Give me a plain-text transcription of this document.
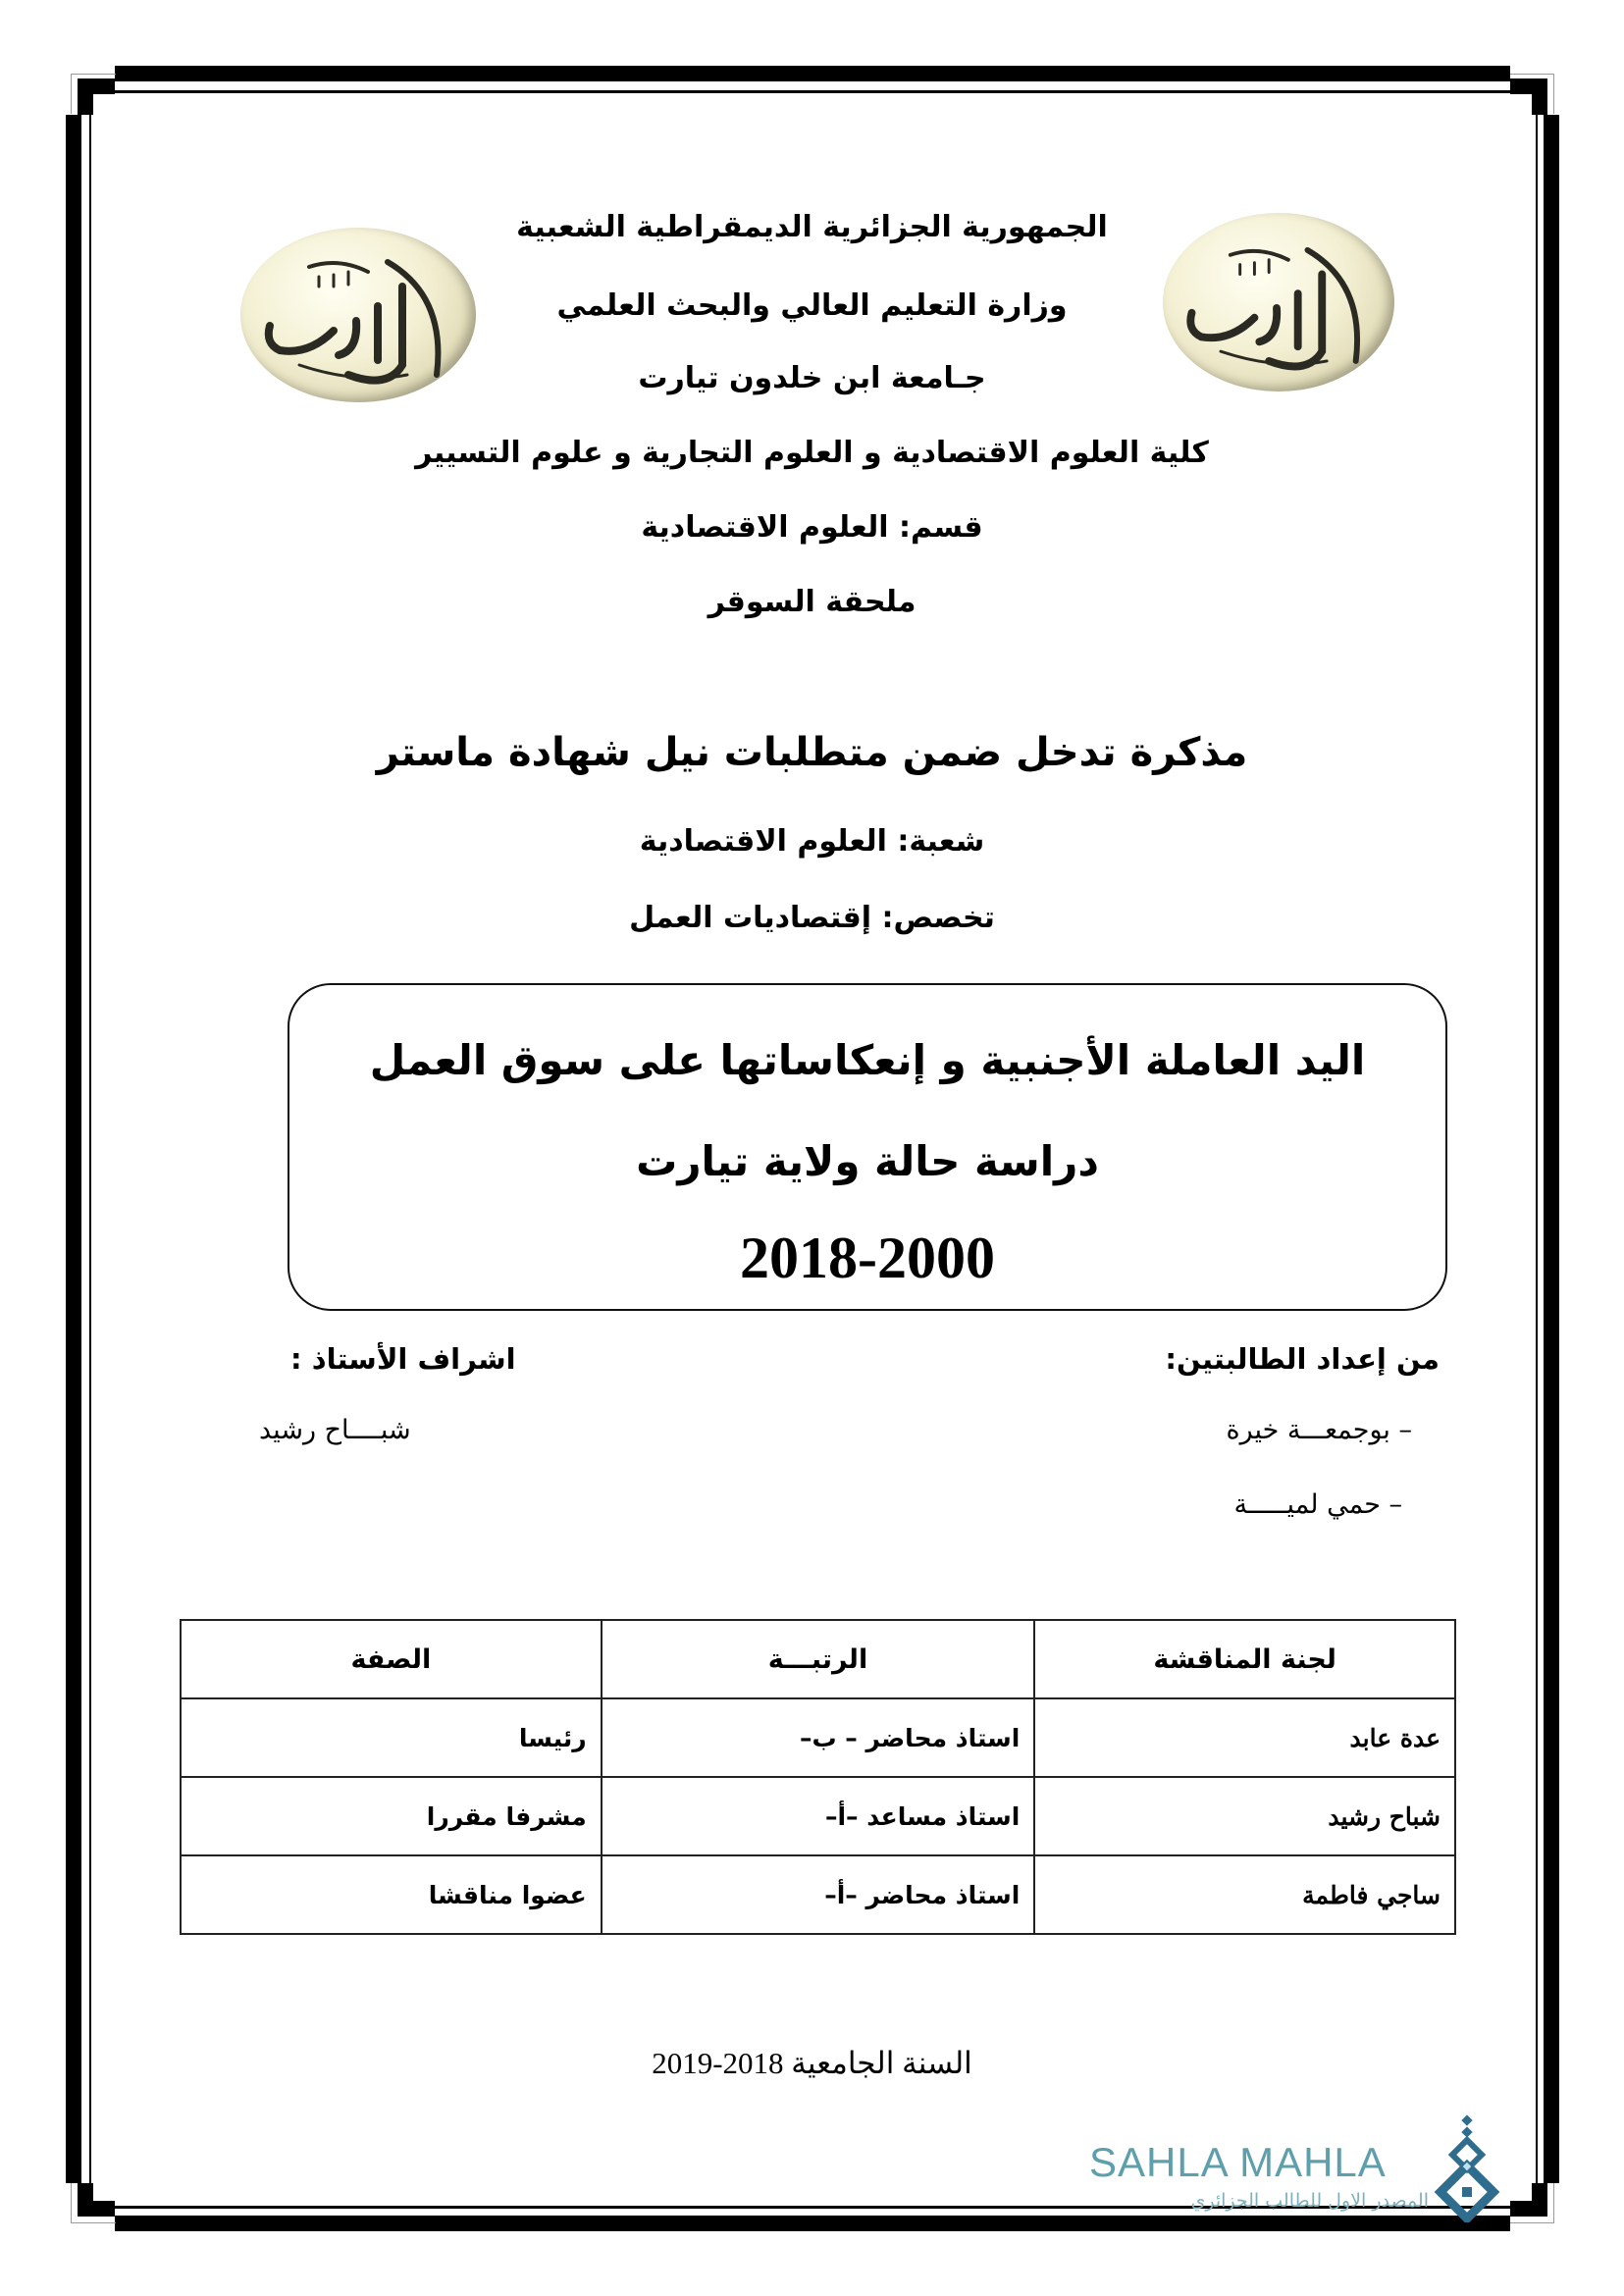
الجمهورية الجزائرية الديمقراطية الشعبية
وزارة التعليم العالي والبحث العلمي
جـامعة ابن خلدون تيارت
كلية العلوم الاقتصادية و العلوم التجارية و علوم التسيير
قسم: العلوم الاقتصادية
ملحقة السوقر
مذكرة تدخل ضمن متطلبات نيل شهادة ماستر
شعبة: العلوم الاقتصادية
تخصص: إقتصاديات العمل
اليد العاملة الأجنبية و إنعكاساتها على سوق العمل
دراسة حالة ولاية تيارت
2018-2000
من إعداد الطالبتين:
– بوجمعـــة خيرة
– حمي لميـــــة
اشراف الأستاذ :
شبــــاح رشيد
لجنة المناقشة	الرتبـــة	الصفة
عدة عابد	استاذ محاضر – ب–	رئيسا
شباح رشيد	استاذ مساعد –أ–	مشرفا مقررا
ساجي فاطمة	استاذ محاضر –أ–	عضوا مناقشا
السنة الجامعية 2018-2019
SAHLA MAHLA
المصدر الاول للطالب الجزائري
